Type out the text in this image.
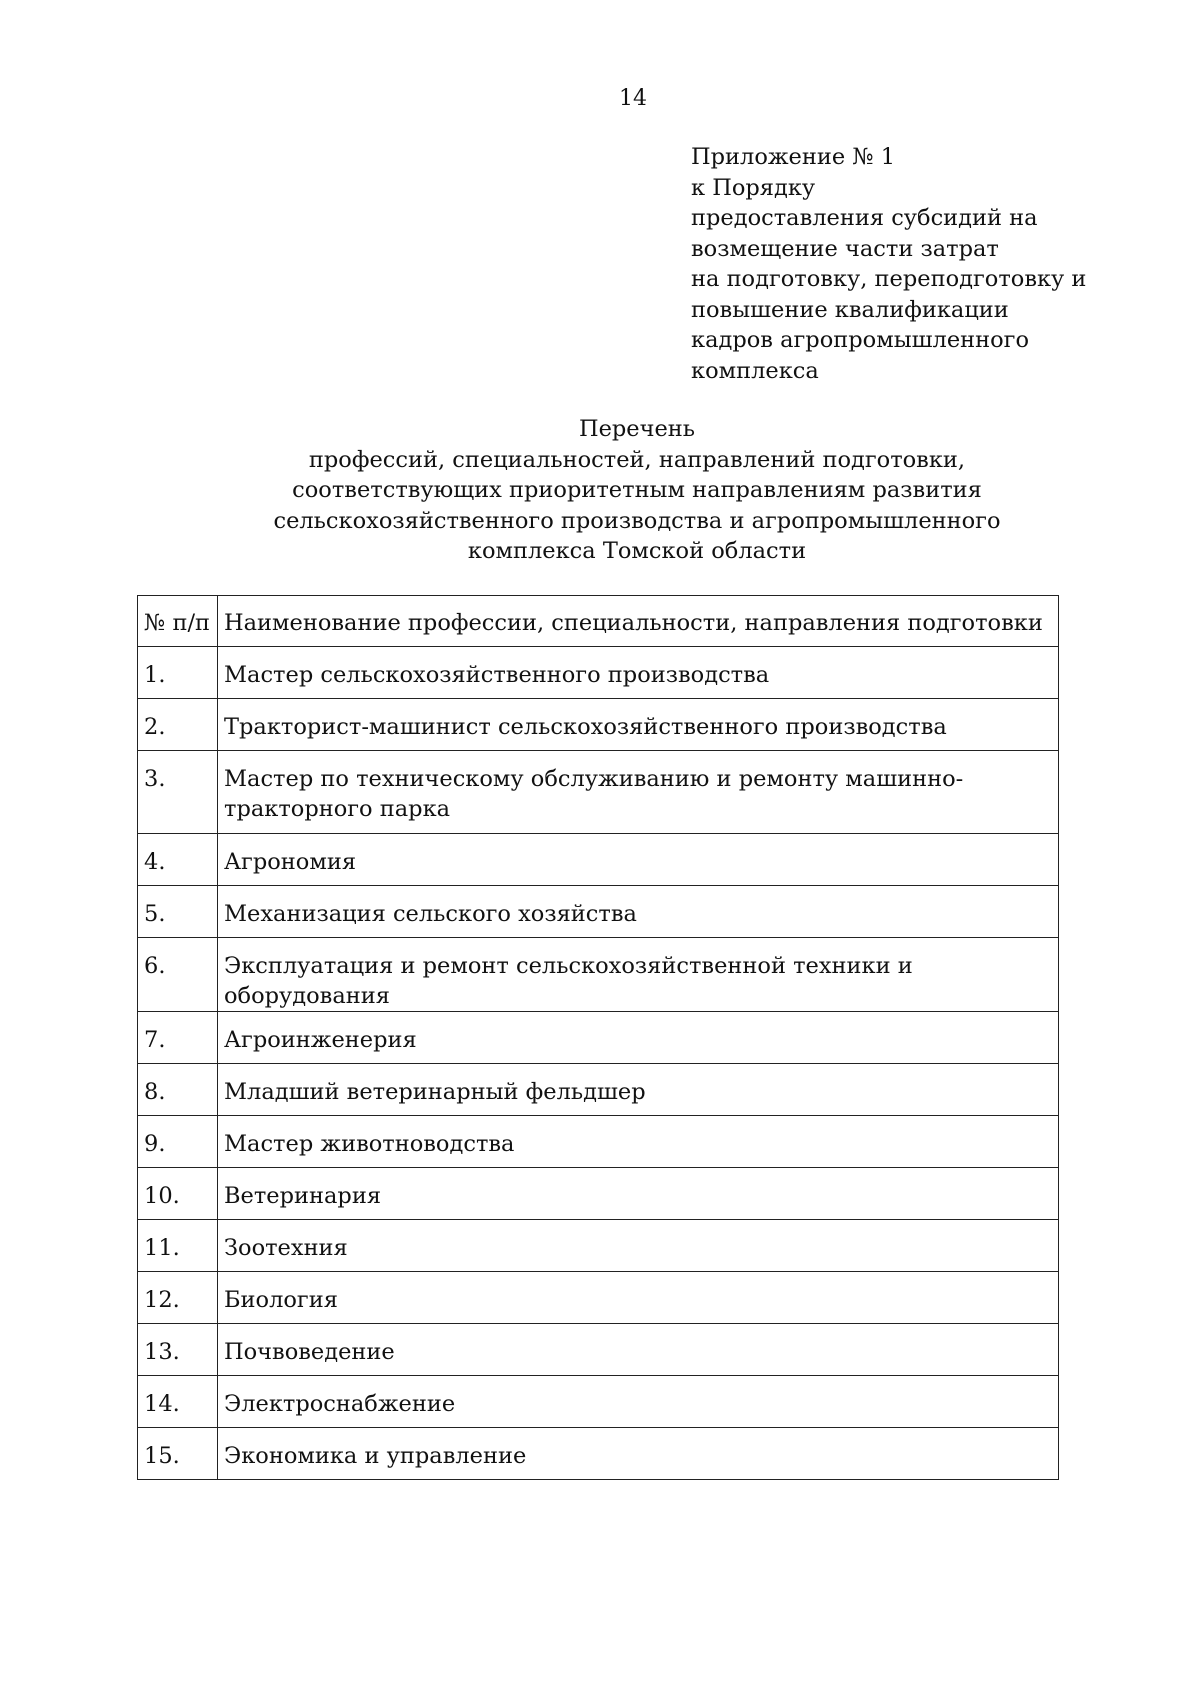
14
Приложение № 1
к Порядку
предоставления субсидий на
возмещение части затрат
на подготовку, переподготовку и
повышение квалификации
кадров агропромышленного
комплекса
Перечень
профессий, специальностей, направлений подготовки,
соответствующих приоритетным направлениям развития
сельскохозяйственного производства и агропромышленного
комплекса Томской области
№ п/п	Наименование профессии, специальности, направления подготовки
1.	Мастер сельскохозяйственного производства
2.	Тракторист-машинист сельскохозяйственного производства
3.	Мастер по техническому обслуживанию и ремонту машинно-
тракторного парка

4.	Агрономия
5.	Механизация сельского хозяйства
6.	Эксплуатация и ремонт сельскохозяйственной техники и оборудования
7.	Агроинженерия
8.	Младший ветеринарный фельдшер
9.	Мастер животноводства
10.	Ветеринария
11.	Зоотехния
12.	Биология
13.	Почвоведение
14.	Электроснабжение
15.	Экономика и управление
